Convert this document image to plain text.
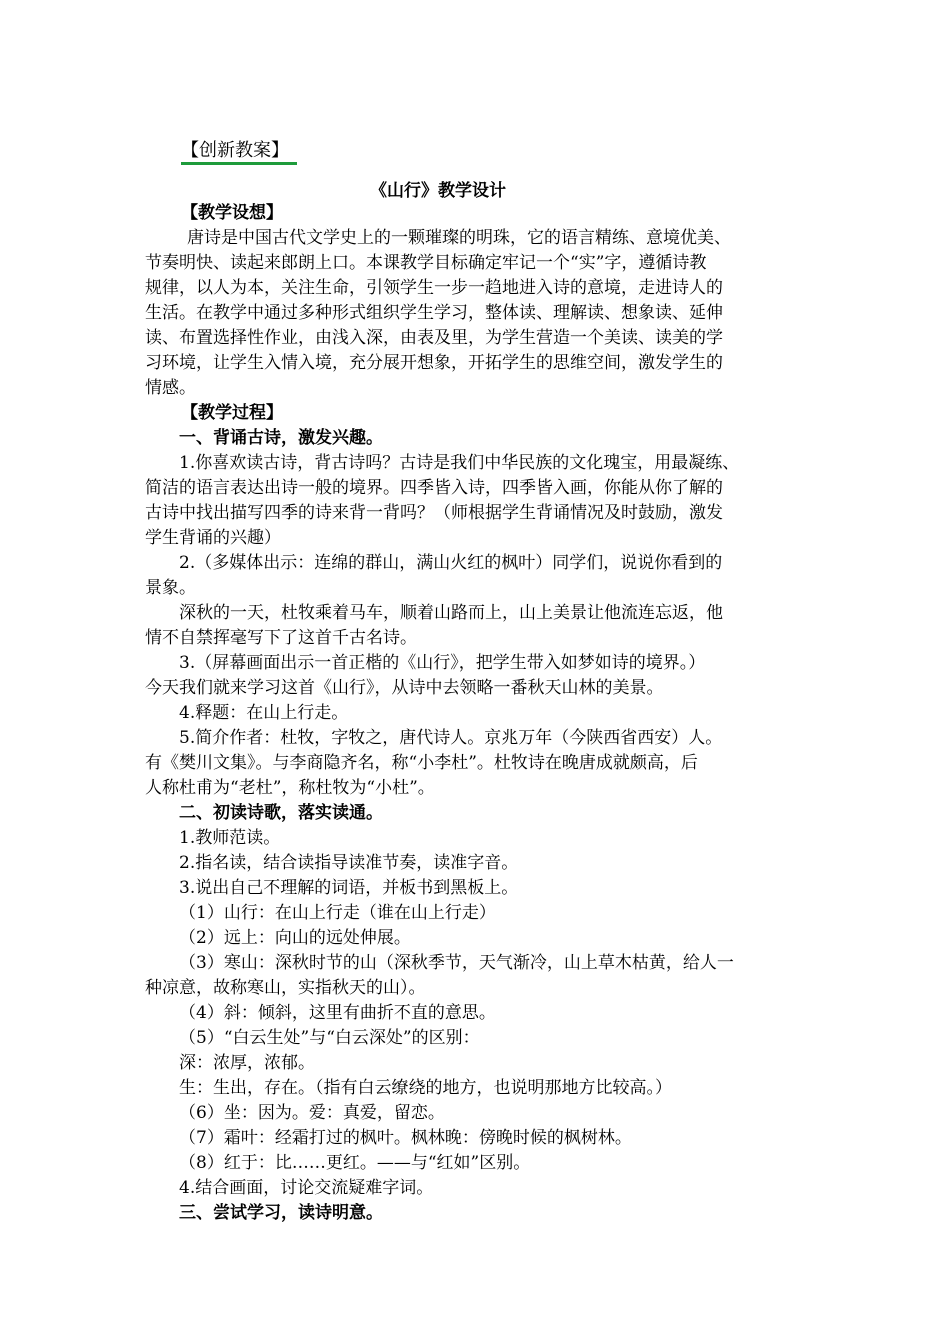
【创新教案】
《山行》教学设计

【教学设想】

唐诗是中国古代文学史上的一颗璀璨的明珠，它的语言精练、意境优美、

节奏明快、读起来郎朗上口。本课教学目标确定牢记一个“实”字，遵循诗教

规律，以人为本，关注生命，引领学生一步一趋地进入诗的意境，走进诗人的

生活。在教学中通过多种形式组织学生学习，整体读、理解读、想象读、延伸

读、布置选择性作业，由浅入深，由表及里，为学生营造一个美读、读美的学

习环境，让学生入情入境，充分展开想象，开拓学生的思维空间，激发学生的

情感。

【教学过程】

一、背诵古诗，激发兴趣。

1.你喜欢读古诗，背古诗吗？古诗是我们中华民族的文化瑰宝，用最凝练、

简洁的语言表达出诗一般的境界。四季皆入诗，四季皆入画，你能从你了解的

古诗中找出描写四季的诗来背一背吗？（师根据学生背诵情况及时鼓励，激发

学生背诵的兴趣）

2.（多媒体出示：连绵的群山，满山火红的枫叶）同学们，说说你看到的

景象。

深秋的一天，杜牧乘着马车，顺着山路而上，山上美景让他流连忘返，他

情不自禁挥毫写下了这首千古名诗。

3.（屏幕画面出示一首正楷的《山行》，把学生带入如梦如诗的境界。）

今天我们就来学习这首《山行》，从诗中去领略一番秋天山林的美景。

4.释题：在山上行走。

5.简介作者：杜牧，字牧之，唐代诗人。京兆万年（今陕西省西安）人。

有《樊川文集》。与李商隐齐名，称“小李杜”。杜牧诗在晚唐成就颇高，后

人称杜甫为“老杜”，称杜牧为“小杜”。

二、初读诗歌，落实读通。

1.教师范读。

2.指名读，结合读指导读准节奏，读准字音。

3.说出自己不理解的词语，并板书到黑板上。

（1）山行：在山上行走（谁在山上行走）

（2）远上：向山的远处伸展。

（3）寒山：深秋时节的山（深秋季节，天气渐冷，山上草木枯黄，给人一

种凉意，故称寒山，实指秋天的山）。

（4）斜：倾斜，这里有曲折不直的意思。

（5）“白云生处”与“白云深处”的区别：

深：浓厚，浓郁。

生：生出，存在。（指有白云缭绕的地方，也说明那地方比较高。）

（6）坐：因为。爱：真爱，留恋。

（7）霜叶：经霜打过的枫叶。枫林晚：傍晚时候的枫树林。

（8）红于：比……更红。——与“红如”区别。

4.结合画面，讨论交流疑难字词。

三、尝试学习，读诗明意。
